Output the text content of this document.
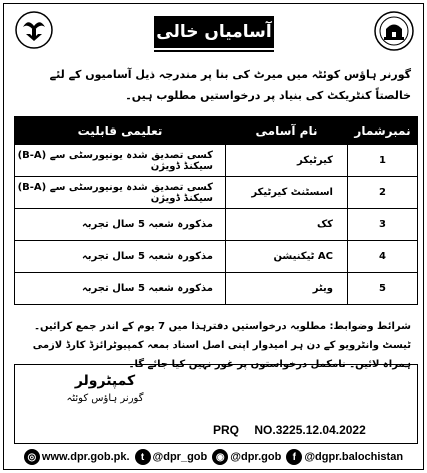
آسامیاں خالی
گورنر ہاؤس کوئٹہ میں میرٹ کی بنا پر مندرجہ ذیل آسامیوں کے لئے خالصتاً کنٹریکٹ کی بنیاد پر درخواستیں مطلوب ہیں۔
نمبرشمار	نام آسامی	تعلیمی قابلیت
1	کیرٹیکر	کسی تصدیق شدہ یونیورسٹی سے (B-A) سیکنڈ ڈویژن
2	اسسٹنٹ کیرٹیکر	کسی تصدیق شدہ یونیورسٹی سے (B-A) سیکنڈ ڈویژن
3	کک	مذکورہ شعبہ 5 سال تجربہ
4	AC ٹیکنیشن	مذکورہ شعبہ 5 سال تجربہ
5	ویٹر	مذکورہ شعبہ 5 سال تجربہ
شرائط وضوابط: مطلوبہ درخواستیں دفترہذا میں 7 یوم کے اندر جمع کرائیں۔ ٹیسٹ وانٹرویو کے دن ہر امیدوار اپنی اصل اسناد بمعہ کمپیوٹرائزڈ کارڈ لازمی ہمراہ لائیں۔ نامکمل درخواستوں پر غور نہیں کیا جائے گا۔
کمپٹرولر
گورنر ہاؤس کوئٹہ
PRQ NO.3225.12.04.2022
◎ www.dpr.gob.pk.	t @dpr_gob ◉ @dpr.gob	f @dgpr.balochistan
